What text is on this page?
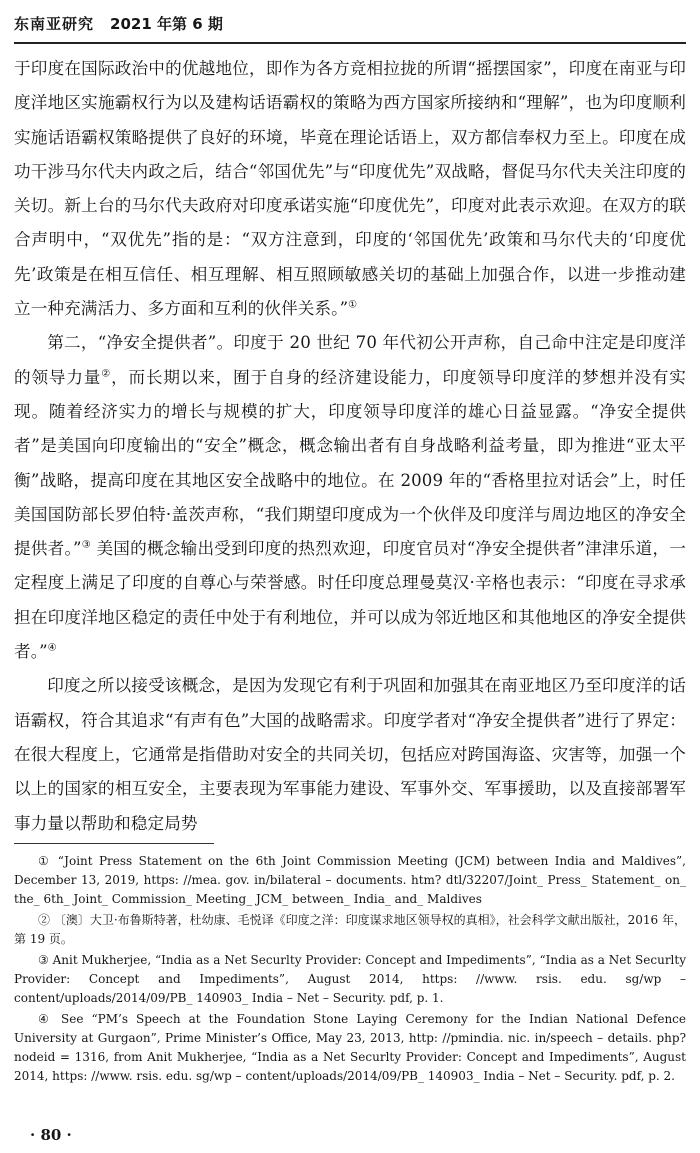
东南亚研究 2021 年第 6 期

于印度在国际政治中的优越地位，即作为各方竞相拉拢的所谓“摇摆国家”，印度在南亚与印度洋地区实施霸权行为以及建构话语霸权的策略为西方国家所接纳和“理解”，也为印度顺利实施话语霸权策略提供了良好的环境，毕竟在理论话语上，双方都信奉权力至上。印度在成功干涉马尔代夫内政之后，结合“邻国优先”与“印度优先”双战略，督促马尔代夫关注印度的关切。新上台的马尔代夫政府对印度承诺实施“印度优先”，印度对此表示欢迎。在双方的联合声明中，“双优先”指的是：“双方注意到，印度的‘邻国优先’政策和马尔代夫的‘印度优先’政策是在相互信任、相互理解、相互照顾敏感关切的基础上加强合作，以进一步推动建立一种充满活力、多方面和互利的伙伴关系。”①

第二，“净安全提供者”。印度于 20 世纪 70 年代初公开声称，自己命中注定是印度洋的领导力量②，而长期以来，囿于自身的经济建设能力，印度领导印度洋的梦想并没有实现。随着经济实力的增长与规模的扩大，印度领导印度洋的雄心日益显露。“净安全提供者”是美国向印度输出的“安全”概念，概念输出者有自身战略利益考量，即为推进“亚太平衡”战略，提高印度在其地区安全战略中的地位。在 2009 年的“香格里拉对话会”上，时任美国国防部长罗伯特·盖茨声称，“我们期望印度成为一个伙伴及印度洋与周边地区的净安全提供者。”③ 美国的概念输出受到印度的热烈欢迎，印度官员对“净安全提供者”津津乐道，一定程度上满足了印度的自尊心与荣誉感。时任印度总理曼莫汉·辛格也表示：“印度在寻求承担在印度洋地区稳定的责任中处于有利地位，并可以成为邻近地区和其他地区的净安全提供者。”④

印度之所以接受该概念，是因为发现它有利于巩固和加强其在南亚地区乃至印度洋的话语霸权，符合其追求“有声有色”大国的战略需求。印度学者对“净安全提供者”进行了界定：在很大程度上，它通常是指借助对安全的共同关切，包括应对跨国海盗、灾害等，加强一个以上的国家的相互安全，主要表现为军事能力建设、军事外交、军事援助，以及直接部署军事力量以帮助和稳定局势

① “Joint Press Statement on the 6th Joint Commission Meeting (JCM) between India and Maldives”, December 13, 2019, https: //mea. gov. in/bilateral – documents. htm? dtl/32207/Joint_ Press_ Statement_ on_ the_ 6th_ Joint_ Commission_ Meeting_ JCM_ between_ India_ and_ Maldives

② 〔澳〕大卫·布鲁斯特著，杜幼康、毛悦译《印度之洋：印度谋求地区领导权的真相》，社会科学文献出版社，2016 年，第 19 页。

③ Anit Mukherjee, “India as a Net Securlty Provider: Concept and Impediments”, “India as a Net Securlty Provider: Concept and Impediments”, August 2014, https: //www. rsis. edu. sg/wp – content/uploads/2014/09/PB_ 140903_ India – Net – Security. pdf, p. 1.

④ See “PM’s Speech at the Foundation Stone Laying Ceremony for the Indian National Defence University at Gurgaon”, Prime Minister’s Office, May 23, 2013, http: //pmindia. nic. in/speech – details. php? nodeid = 1316, from Anit Mukherjee, “India as a Net Securlty Provider: Concept and Impediments”, August 2014, https: //www. rsis. edu. sg/wp – content/uploads/2014/09/PB_ 140903_ India – Net – Security. pdf, p. 2.

· 80 ·
